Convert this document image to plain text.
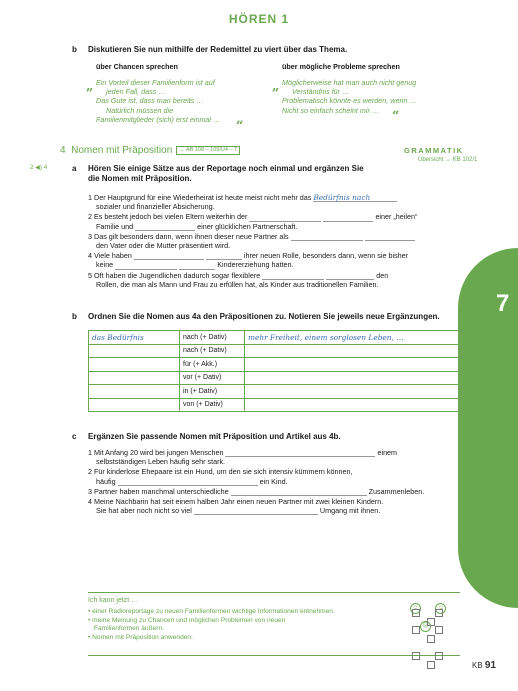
7
HÖREN 1
b Diskutieren Sie nun mithilfe der Redemittel zu viert über das Thema.
über Chancen sprechen	über mögliche Probleme sprechen
„ Ein Vorteil dieser Familienform ist auf
jeden Fall, dass …
Das Gute ist, dass man bereits …
Natürlich müssen die
Familienmitglieder (sich) erst einmal …	“
„ Möglicherweise hat man auch nicht genug
Verständnis für …
Problematisch könnte es werden, wenn …
Nicht so einfach scheint mir … “
4 Nomen mit Präposition → AB 108 – 109/Ü4 – 7	GRAMMATIK
Übersicht → KB 102/1
2 ◀) 4	a Hören Sie einige Sätze aus der Reportage noch einmal und ergänzen Sie
die Nomen mit Präposition.
1 Der Hauptgrund für eine Wiederheirat ist heute meist nicht mehr das Bedürfnis nach
sozialer und finanzieller Absicherung.
2 Es besteht jedoch bei vielen Eltern weiterhin der	einer „heilen“
Familie und	einer glücklichen Partnerschaft.
3 Das gilt besonders dann, wenn ihnen dieser neue Partner als
den Vater oder die Mutter präsentiert wird.
4 Viele haben	ihrer neuen Rolle, besonders dann, wenn sie bisher
keine	Kindererziehung hatten.
5 Oft haben die Jugendlichen dadurch sogar flexiblere	den
Rollen, die man als Mann und Frau zu erfüllen hat, als Kinder aus traditionellen Familien.
b Ordnen Sie die Nomen aus 4a den Präpositionen zu. Notieren Sie jeweils neue Ergänzungen.
das Bedürfnis	nach (+ Dativ)	mehr Freiheit, einem sorglosen Leben, …
	nach (+ Dativ)	
	für (+ Akk.)	
	vor (+ Dativ)	
	in (+ Dativ)	
	von (+ Dativ)	
c Ergänzen Sie passende Nomen mit Präposition und Artikel aus 4b.
1 Mit Anfang 20 wird bei jungen Menschen	einem
selbstständigen Leben häufig sehr stark.
2 Für kinderlose Ehepaare ist ein Hund, um den sie sich intensiv kümmern können,
häufig	ein Kind.
3 Partner haben manchmal unterschiedliche	Zusammenleben.
4 Meine Nachbarin hat seit einem halben Jahr einen neuen Partner mit zwei kleinen Kindern.
Sie hat aber noch nicht so viel	Umgang mit ihnen.
Ich kann jetzt …
☺	☺ ☹
• einer Radioreportage zu neuen Familienformen wichtige Informationen entnehmen.
• meine Meinung zu Chancen und möglichen Problemen von neuen
Familienformen äußern.
• Nomen mit Präposition anwenden.
KB 91
